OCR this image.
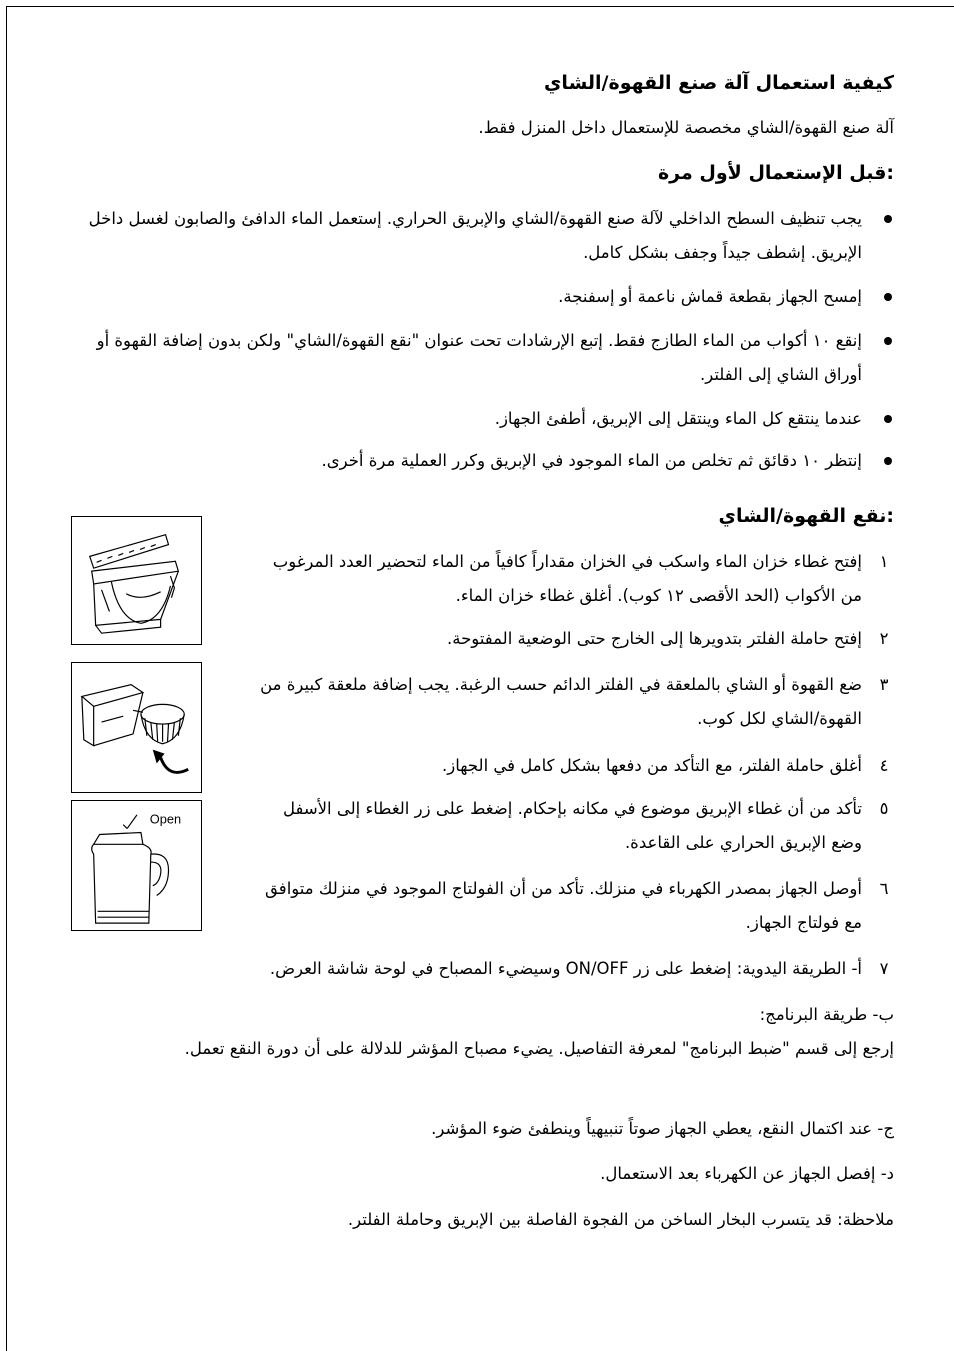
كيفية استعمال آلة صنع القهوة/الشاي
آلة صنع القهوة/الشاي مخصصة للإستعمال داخل المنزل فقط.
:قبل الإستعمال لأول مرة
يجب تنظيف السطح الداخلي لآلة صنع القهوة/الشاي والإبريق الحراري. إستعمل الماء الدافئ والصابون لغسل داخل الإبريق. إشطف جيداً وجفف بشكل كامل.
إمسح الجهاز بقطعة قماش ناعمة أو إسفنجة.
إنقع ١٠ أكواب من الماء الطازج فقط. إتبع الإرشادات تحت عنوان "نقع القهوة/الشاي" ولكن بدون إضافة القهوة أو أوراق الشاي إلى الفلتر.
عندما ينتقع كل الماء وينتقل إلى الإبريق، أطفئ الجهاز.
إنتظر ١٠ دقائق ثم تخلص من الماء الموجود في الإبريق وكرر العملية مرة أخرى.
:نقع القهوة/الشاي
١
إفتح غطاء خزان الماء واسكب في الخزان مقداراً كافياً من الماء لتحضير العدد المرغوب من الأكواب (الحد الأقصى ١٢ كوب). أغلق غطاء خزان الماء.
٢
إفتح حاملة الفلتر بتدويرها إلى الخارج حتى الوضعية المفتوحة.
٣
ضع القهوة أو الشاي بالملعقة في الفلتر الدائم حسب الرغبة. يجب إضافة ملعقة كبيرة من القهوة/الشاي لكل كوب.
٤
أغلق حاملة الفلتر، مع التأكد من دفعها بشكل كامل في الجهاز.
٥
تأكد من أن غطاء الإبريق موضوع في مكانه بإحكام. إضغط على زر الغطاء إلى الأسفل وضع الإبريق الحراري على القاعدة.
٦
أوصل الجهاز بمصدر الكهرباء في منزلك. تأكد من أن الفولتاج الموجود في منزلك متوافق مع فولتاج الجهاز.
٧
أ- الطريقة اليدوية: إضغط على زر ON/OFF وسيضيء المصباح في لوحة شاشة العرض.
ب- طريقة البرنامج:
إرجع إلى قسم "ضبط البرنامج" لمعرفة التفاصيل. يضيء مصباح المؤشر للدلالة على أن دورة النقع تعمل.
ج- عند اكتمال النقع، يعطي الجهاز صوتاً تنبيهياً وينطفئ ضوء المؤشر.
د- إفصل الجهاز عن الكهرباء بعد الاستعمال.
ملاحظة: قد يتسرب البخار الساخن من الفجوة الفاصلة بين الإبريق وحاملة الفلتر.
Open
